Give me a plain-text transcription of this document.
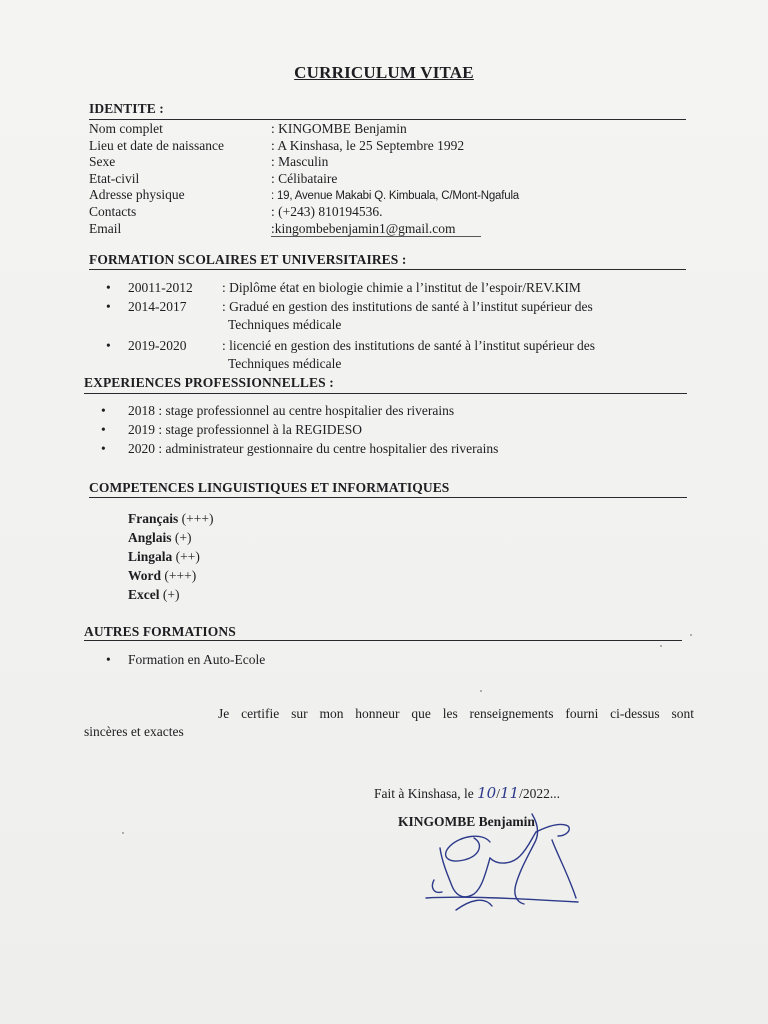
CURRICULUM VITAE
IDENTITE :
Nom complet	: KINGOMBE Benjamin
Lieu et date de naissance	: A Kinshasa, le 25 Septembre 1992
Sexe	: Masculin
Etat-civil	: Célibataire
Adresse physique	: 19, Avenue Makabi Q. Kimbuala, C/Mont-Ngafula
Contacts	: (+243) 810194536.
Email	:kingombebenjamin1@gmail.com
FORMATION SCOLAIRES ET UNIVERSITAIRES :
• 20011-2012 : Diplôme état en biologie chimie a l’institut de l’espoir/REV.KIM
• 2014-2017	: Gradué en gestion des institutions de santé à l’institut supérieur des
Techniques médicale
• 2019-2020	: licencié en gestion des institutions de santé à l’institut supérieur des
Techniques médicale
EXPERIENCES PROFESSIONNELLES :
• 2018 : stage professionnel au centre hospitalier des riverains
• 2019 : stage professionnel à la REGIDESO
• 2020 : administrateur gestionnaire du centre hospitalier des riverains
COMPETENCES LINGUISTIQUES ET INFORMATIQUES
Français (+++)
Anglais (+)
Lingala (++)
Word (+++)
Excel (+)
AUTRES FORMATIONS
• Formation en Auto-Ecole
Je certifie sur mon honneur que les renseignements fourni ci-dessus sont
sincères et exactes
Fait à Kinshasa, le 10/11/2022...
KINGOMBE Benjamin
